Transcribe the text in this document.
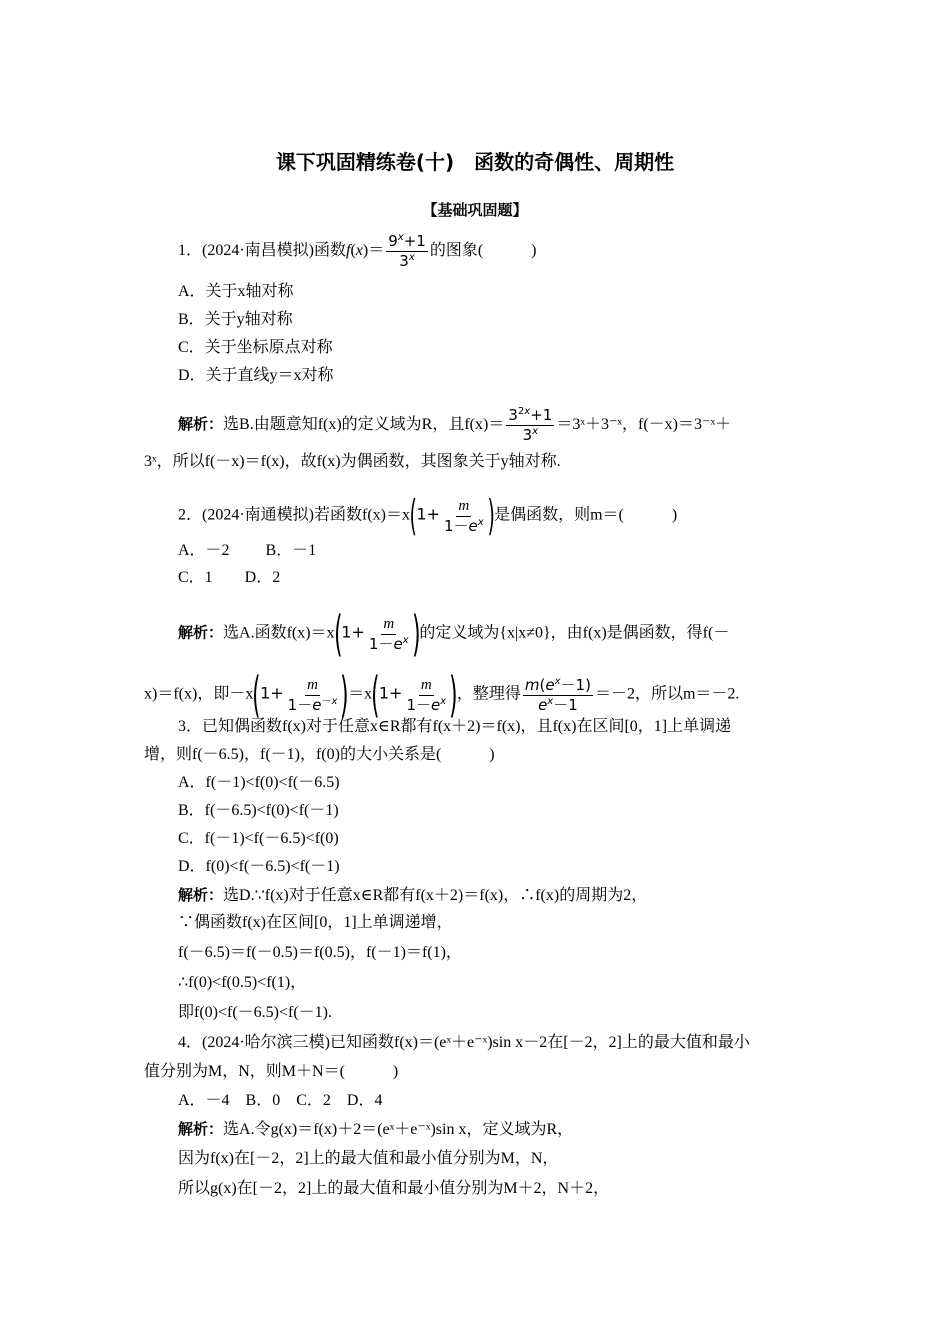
课下巩固精练卷(十)　函数的奇偶性、周期性
【基础巩固题】
1．(2024·南昌模拟)函数$f(x)= \frac{9^x+1}{3^x}$ 的图象(　　　)
A．关于x轴对称
B．关于y轴对称
C．关于坐标原点对称
D．关于直线y＝x对称
解析：选B.由题意知f(x)的定义域为R，且$f(x)= \frac{3^{2x}+1}{3^x}$ ＝3ˣ＋3⁻ˣ，f(－x)＝3⁻ˣ＋
3ˣ，所以f(－x)＝f(x)，故f(x)为偶函数，其图象关于y轴对称.
2．(2024·南通模拟)若函数$f(x)=x(1+ \frac{m}{1-e^x}$ )是偶函数，则m＝(　　　)
A．－2　　 B．－1
C．1　　D．2
解析：选A.函数$f(x)=x(1+ \frac{m}{1-e^x}$ )的定义域为{x|x≠0}，由f(x)是偶函数，得f(－
x)＝f(x)，即$-x(1+ \frac{m}{1-e^{-x}} )=x(1+ \frac{m}{1-e^x}$ )，整理得 $\frac{m(e^x-1)}{e^x-1} =-2$，所以m＝－2.
3．已知偶函数f(x)对于任意x∈R都有f(x＋2)＝f(x)，且f(x)在区间[0，1]上单调递
增，则f(－6.5)，f(－1)，f(0)的大小关系是(　　　)
A．f(－1)<f(0)<f(－6.5)
B．f(－6.5)<f(0)<f(－1)
C．f(－1)<f(－6.5)<f(0)
D．f(0)<f(－6.5)<f(－1)
解析：选D.∵f(x)对于任意x∈R都有f(x＋2)＝f(x)，∴f(x)的周期为2，
∵偶函数f(x)在区间[0，1]上单调递增，
f(－6.5)＝f(－0.5)＝f(0.5)，f(－1)＝f(1)，
∴f(0)<f(0.5)<f(1)，
即f(0)<f(－6.5)<f(－1).
4．(2024·哈尔滨三模)已知函数f(x)＝(eˣ＋e⁻ˣ)sin x－2在[－2，2]上的最大值和最小
值分别为M，N，则M＋N＝(　　　)
A．－4　B．0　C．2　D．4
解析：选A.令g(x)＝f(x)＋2＝(eˣ＋e⁻ˣ)sin x，定义域为R，
因为f(x)在[－2，2]上的最大值和最小值分别为M，N，
所以g(x)在[－2，2]上的最大值和最小值分别为M＋2，N＋2，
